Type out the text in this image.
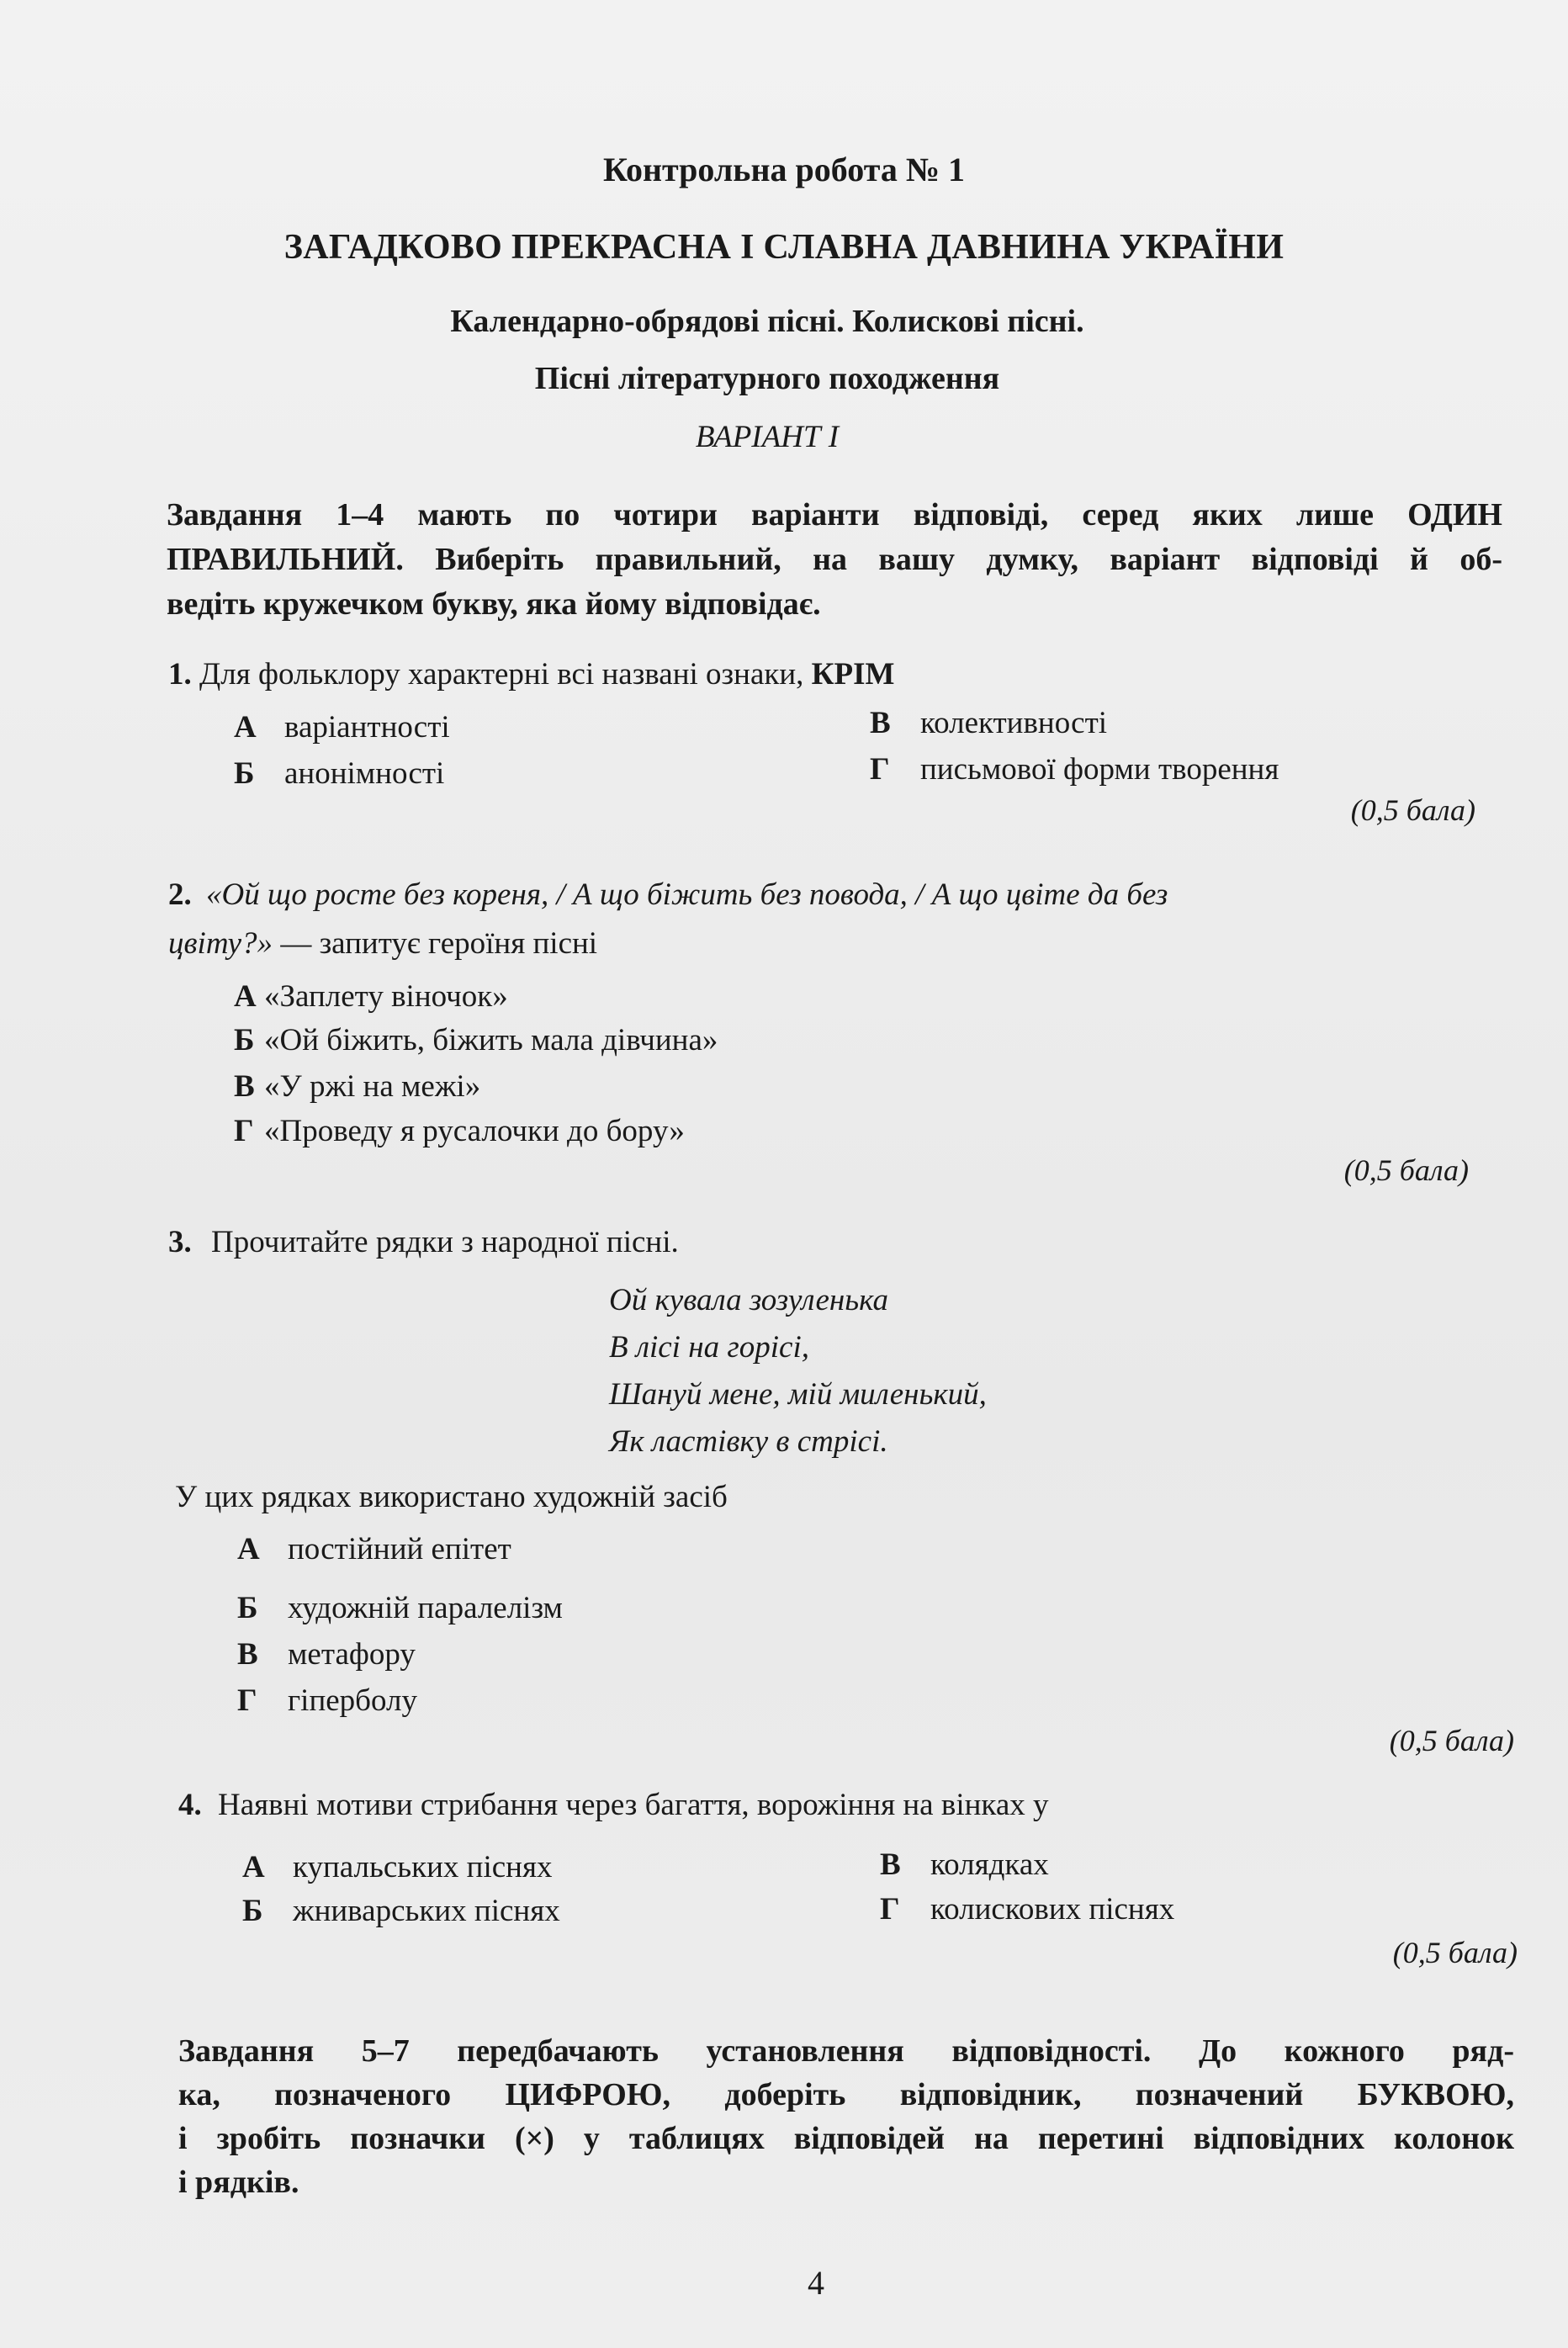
Контрольна робота № 1
ЗАГАДКОВО ПРЕКРАСНА І СЛАВНА ДАВНИНА УКРАЇНИ
Календарно-обрядові пісні. Колискові пісні.
Пісні літературного походження
ВАРІАНТ І
Завдання 1–4 мають по чотири варіанти відповіді, серед яких лише ОДИН
ПРАВИЛЬНИЙ. Виберіть правильний, на вашу думку, варіант відповіді й об-
ведіть кружечком букву, яка йому відповідає.
1. Для фольклору характерні всі названі ознаки, КРІМ
А варіантності
Б анонімності
В колективності
Г письмової форми творення
(0,5 бала)
2. «Ой що росте без кореня, / А що біжить без повода, / А що цвіте да без
цвіту?» — запитує героїня пісні
А «Заплету віночок»
Б «Ой біжить, біжить мала дівчина»
В «У ржі на межі»
Г «Проведу я русалочки до бору»
(0,5 бала)
3. Прочитайте рядки з народної пісні.
Ой кувала зозуленька
В лісі на горісі,
Шануй мене, мій миленький,
Як ластівку в стрісі.
У цих рядках використано художній засіб
А постійний епітет
Б художній паралелізм
В метафору
Г гіперболу
(0,5 бала)
4. Наявні мотиви стрибання через багаття, ворожіння на вінках у
А купальських піснях
Б жниварських піснях
В колядках
Г колискових піснях
(0,5 бала)
Завдання 5–7 передбачають установлення відповідності. До кожного ряд-
ка, позначеного ЦИФРОЮ, доберіть відповідник, позначений БУКВОЮ,
і зробіть позначки (×) у таблицях відповідей на перетині відповідних колонок
і рядків.
4
